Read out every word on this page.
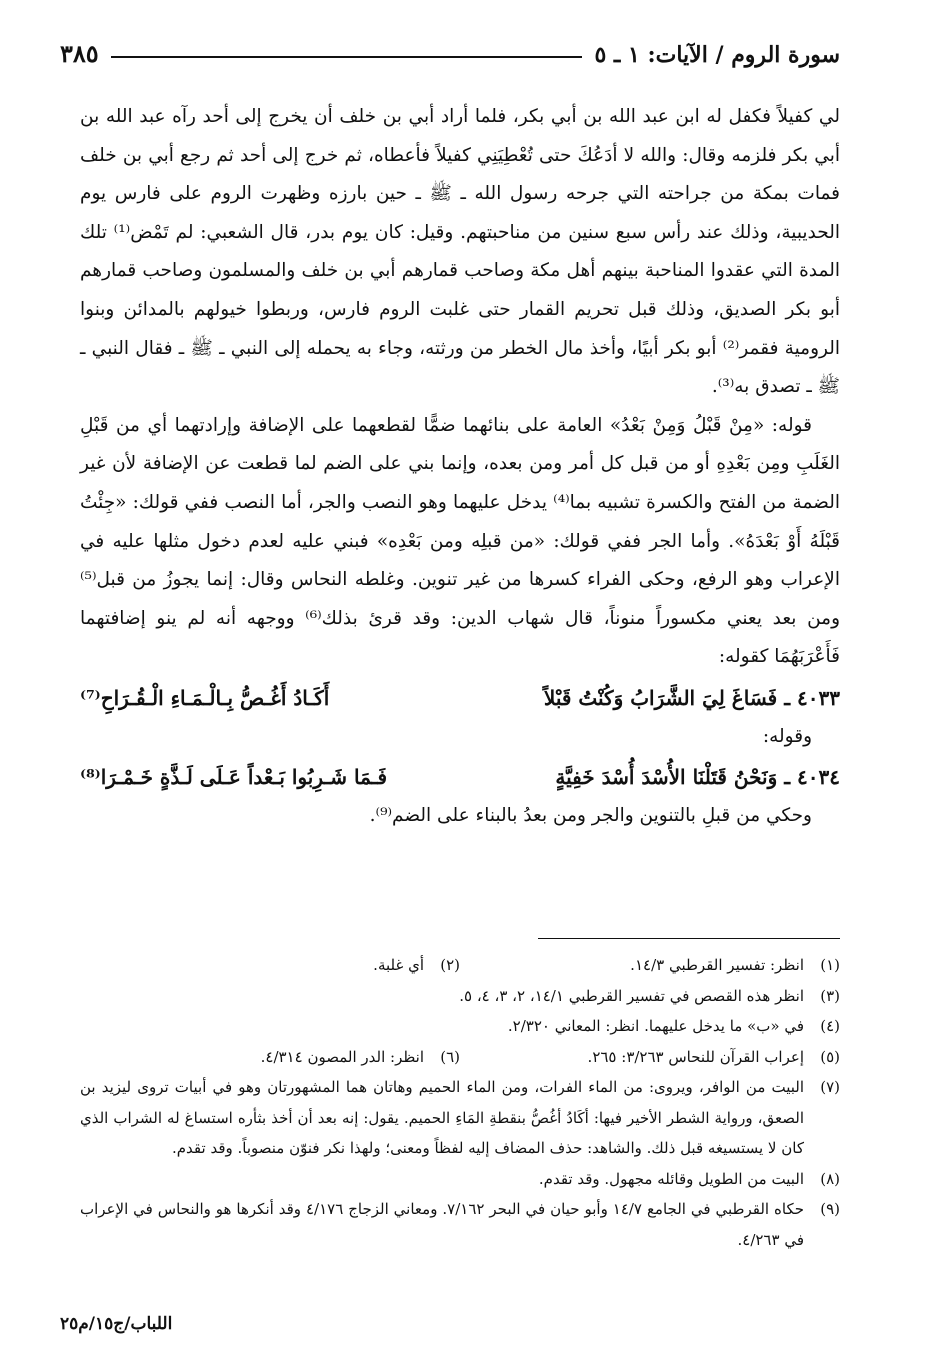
سورة الروم / الآيات: ١ ـ ٥
٣٨٥

لي كفيلاً فكفل له ابن عبد الله بن أبي بكر، فلما أراد أبي بن خلف أن يخرج إلى أحد رآه عبد الله بن أبي بكر فلزمه وقال: والله لا أدَعُكَ حتى تُعْطِيَنِي كفيلاً فأعطاه، ثم خرج إلى أحد ثم رجع أبي بن خلف فمات بمكة من جراحته التي جرحه رسول الله ـ ﷺ ـ حين بارزه وظهرت الروم على فارس يوم الحديبية، وذلك عند رأس سبع سنين من مناحبتهم. وقيل: كان يوم بدر، قال الشعبي: لم تَمْض⁽¹⁾ تلك المدة التي عقدوا المناحبة بينهم أهل مكة وصاحب قمارهم أبي بن خلف والمسلمون وصاحب قمارهم أبو بكر الصديق، وذلك قبل تحريم القمار حتى غلبت الروم فارس، وربطوا خيولهم بالمدائن وبنوا الرومية فقمر⁽²⁾ أبو بكر أبيًا، وأخذ مال الخطر من ورثته، وجاء به يحمله إلى النبي ـ ﷺ ـ فقال النبي ـ ﷺ ـ تصدق به⁽³⁾.

قوله: «مِنْ قَبْلُ وَمِنْ بَعْدُ» العامة على بنائهما ضمًّا لقطعهما على الإضافة وإرادتهما أي من قَبْلِ الغَلَبِ ومِن بَعْدِهِ أو من قبل كل أمر ومن بعده، وإنما بني على الضم لما قطعت عن الإضافة لأن غير الضمة من الفتح والكسرة تشبيه بما⁽⁴⁾ يدخل عليهما وهو النصب والجر، أما النصب ففي قولك: «جِئْتُ قَبْلَهُ أَوْ بَعْدَهُ». وأما الجر ففي قولك: «من قبلِه ومن بَعْدِه» فبني عليه لعدم دخول مثلها عليه في الإعراب وهو الرفع، وحكى الفراء كسرها من غير تنوين. وغلطه النحاس وقال: إنما يجوزُ من قبل⁽⁵⁾ ومن بعد يعني مكسوراً منوناً، قال شهاب الدين: وقد قرئ بذلك⁽⁶⁾ ووجهه أنه لم ينو إضافتهما فَأَعْرَبَهُمَا كقوله:

٤٠٣٣ ـ فَسَاغَ لِيَ الشَّرَابُ وَكُنْتُ قَبْلاً
أَكَـادُ أَغُـصُّ بِـالْـمَـاءِ الْـقُـرَاحِ⁽⁷⁾

وقوله:

٤٠٣٤ ـ وَنَحْنُ قَتَلْنَا الأُسْدَ أُسْدَ خَفِيَّةٍ
فَـمَا شَـرِبُوا بَـعْداً عَـلَى لَـذَّةٍ خَـمْـرَا⁽⁸⁾

وحكي من قبلِ بالتنوين والجر ومن بعدُ بالبناء على الضم⁽⁹⁾.

(١)
انظر: تفسير القرطبي ١٤/٣.
(٢)
أي غلبة.
(٣)
انظر هذه القصص في تفسير القرطبي ١٤/١، ٢، ٣، ٤، ٥.
(٤)
في «ب» ما يدخل عليهما. انظر: المعاني ٢/٣٢٠.
(٥)
إعراب القرآن للنحاس ٣/٢٦٣: ٢٦٥.
(٦)
انظر: الدر المصون ٤/٣١٤.
(٧)
البيت من الوافر، ويروى: من الماء الفرات، ومن الماء الحميم وهاتان هما المشهورتان وهو في أبيات تروى ليزيد بن الصعق، ورواية الشطر الأخير فيها: أكَادُ أغُصُّ بنقطةِ المَاءِ الحميم. يقول: إنه بعد أن أخذ بثأره استساغ له الشراب الذي كان لا يستسيغه قبل ذلك. والشاهد: حذف المضاف إليه لفظاً ومعنى؛ ولهذا نكر فنوّن منصوباً. وقد تقدم.
(٨)
البيت من الطويل وقائله مجهول. وقد تقدم.
(٩)
حكاه القرطبي في الجامع ١٤/٧ وأبو حيان في البحر ٧/١٦٢. ومعاني الزجاج ٤/١٧٦ وقد أنكرها هو والنحاس في الإعراب في ٤/٢٦٣.
اللباب/ج١٥/م٢٥
